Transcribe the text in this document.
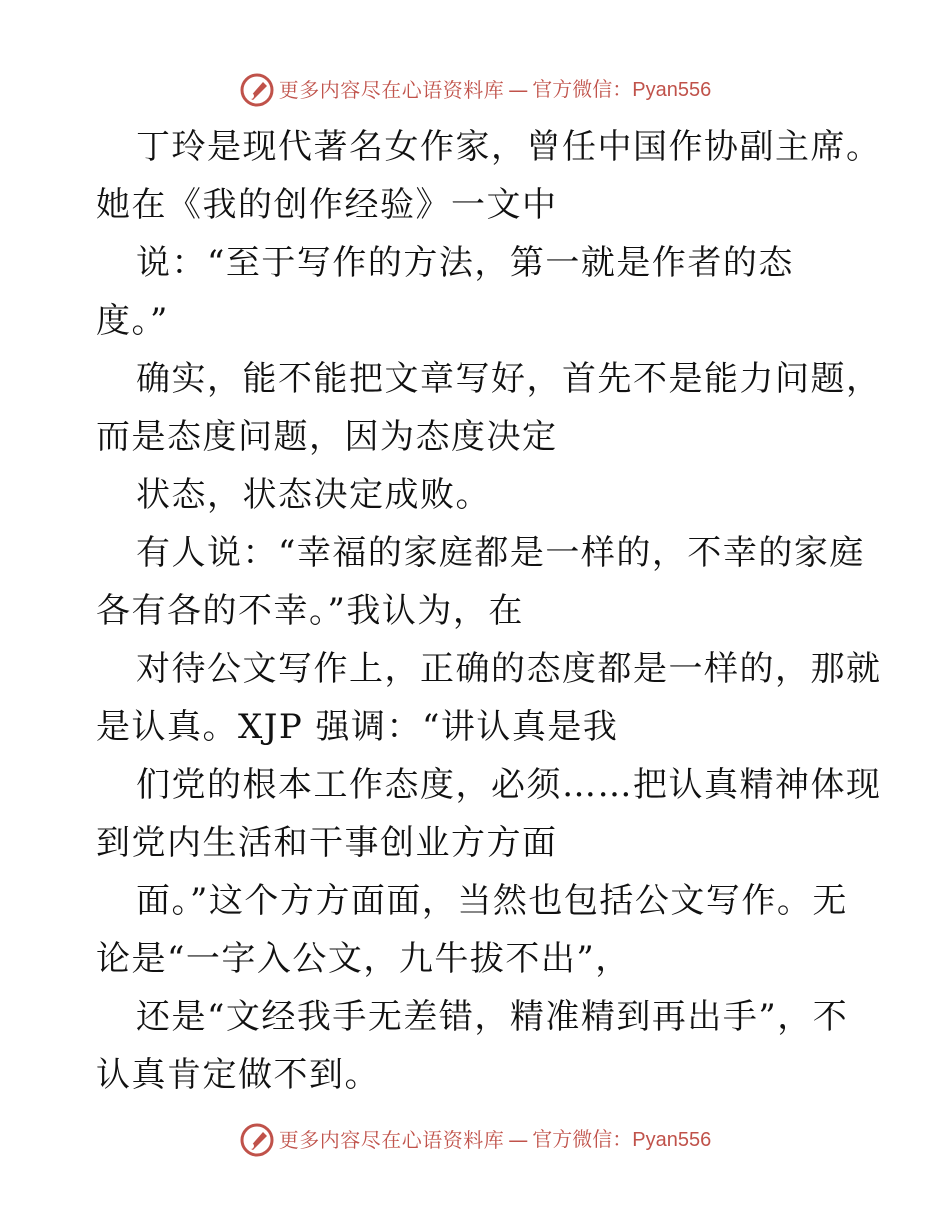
更多内容尽在心语资料库 — 官方微信：Pyan556
丁玲是现代著名女作家，曾任中国作协副主席。
她在《我的创作经验》一文中
说：“至于写作的方法，第一就是作者的态
度。”
确实，能不能把文章写好，首先不是能力问题，
而是态度问题，因为态度决定
状态，状态决定成败。
有人说：“幸福的家庭都是一样的，不幸的家庭
各有各的不幸。”我认为，在
对待公文写作上，正确的态度都是一样的，那就
是认真。XJP 强调：“讲认真是我
们党的根本工作态度，必须……把认真精神体现
到党内生活和干事创业方方面
面。”这个方方面面，当然也包括公文写作。无
论是“一字入公文，九牛拔不出”，
还是“文经我手无差错，精准精到再出手”，不
认真肯定做不到。
更多内容尽在心语资料库 — 官方微信：Pyan556
